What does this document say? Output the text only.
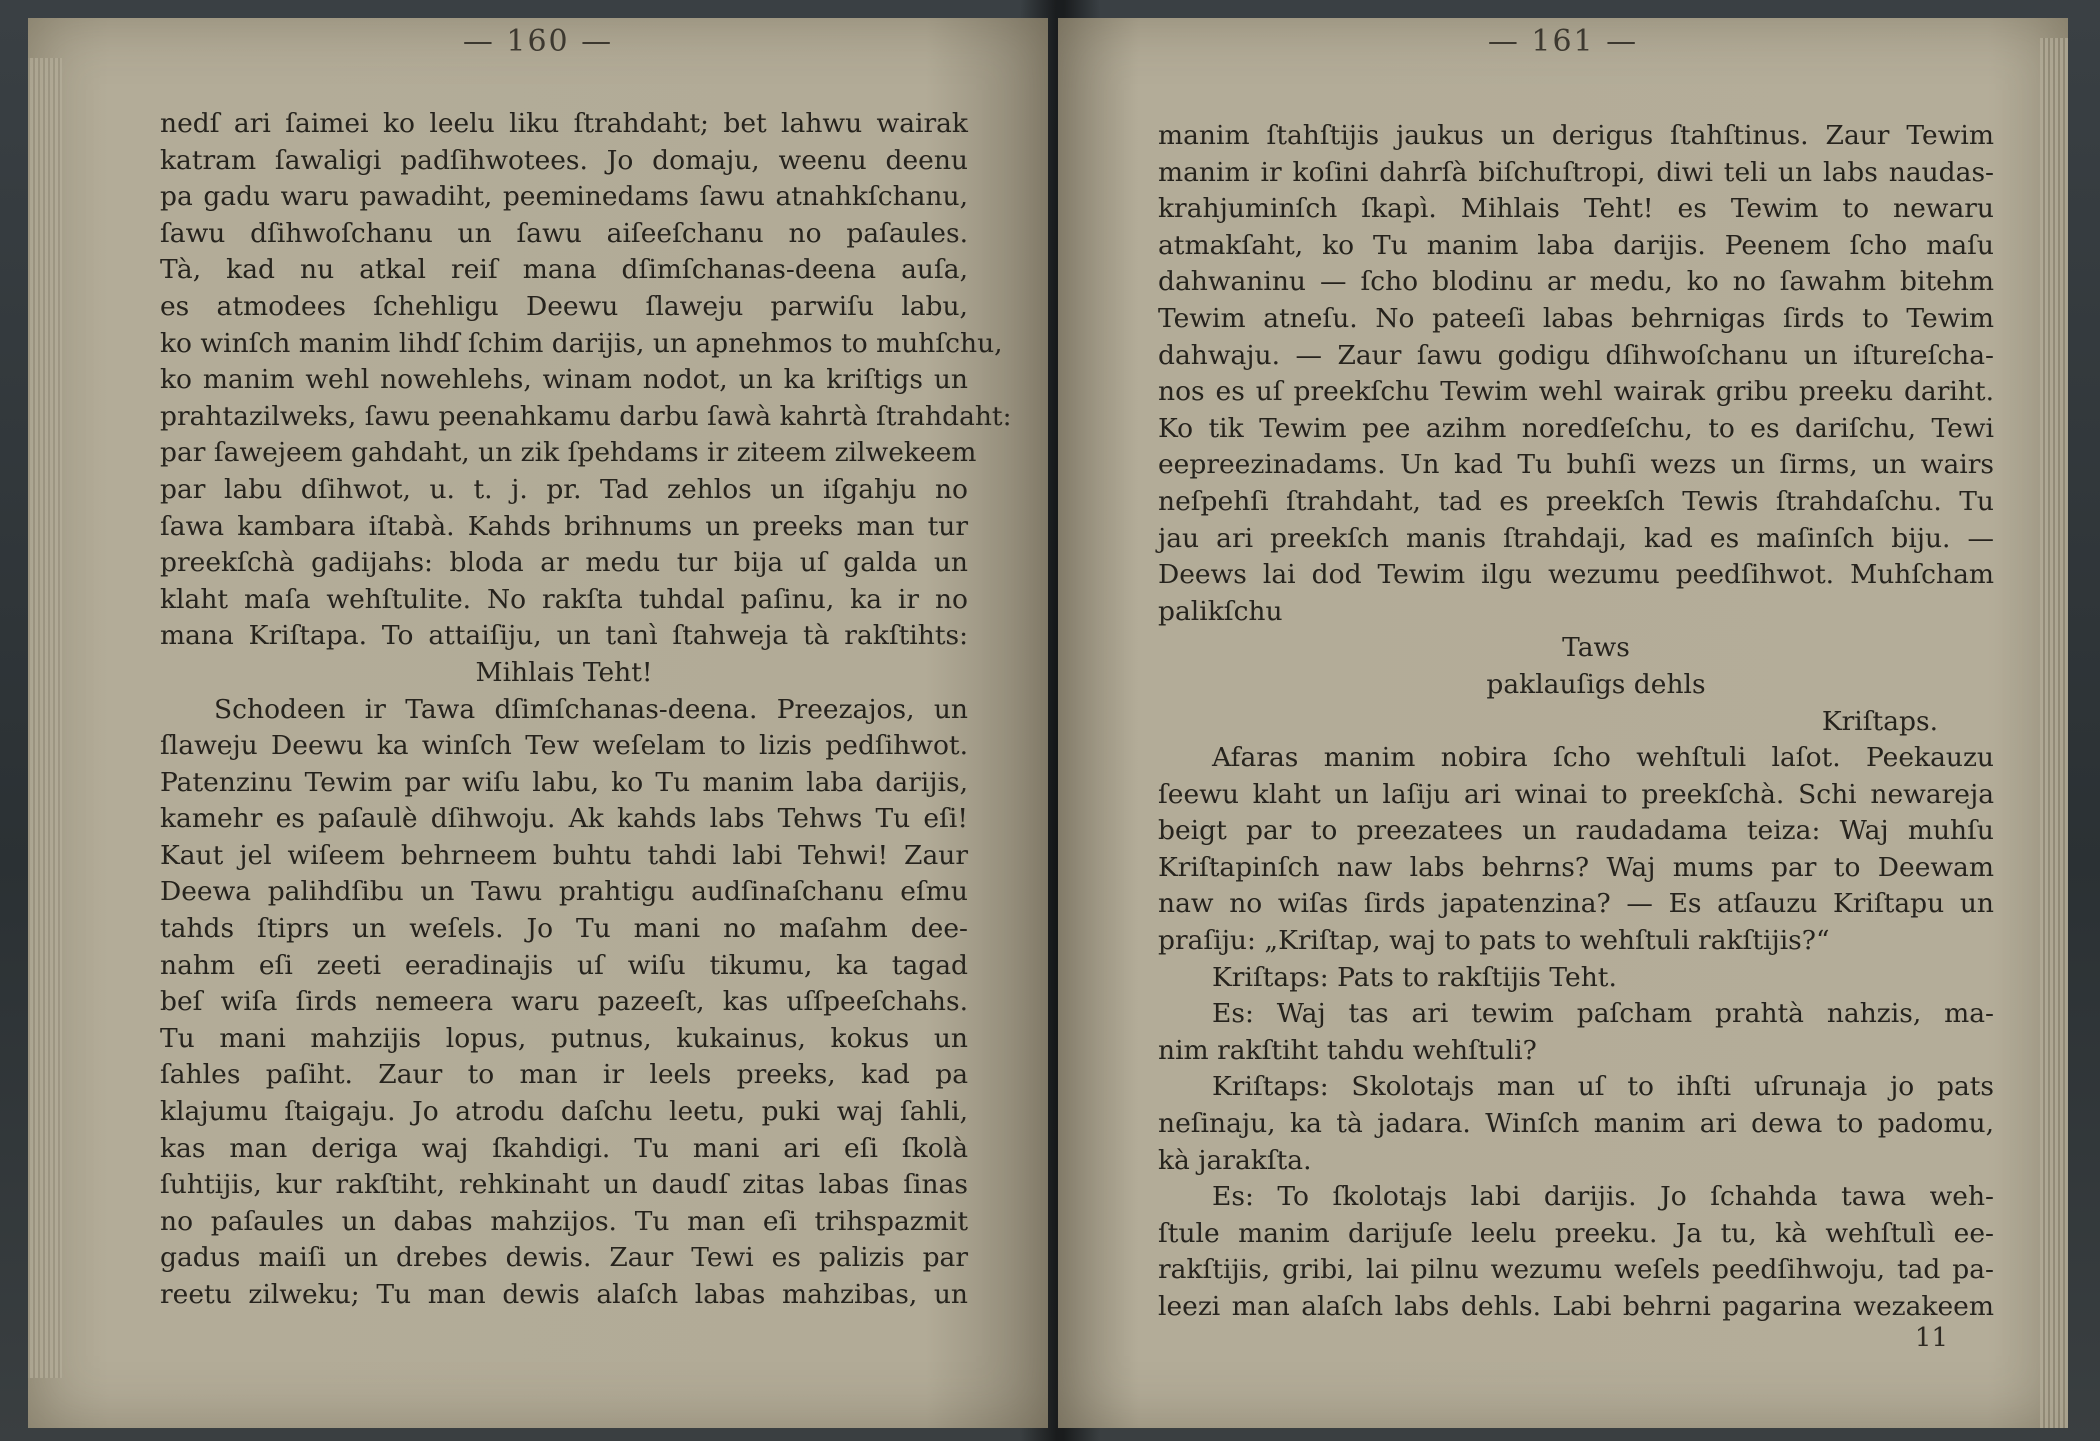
— 160 —
nedſ ari ſaimei ko leelu liku ſtrahdaht; bet lahwu wairak
katram ſawaligi padſihwotees. Jo domaju, weenu deenu
pa gadu waru pawadiht, peeminedams ſawu atnahkſchanu,
ſawu dſihwoſchanu un ſawu aiſeeſchanu no paſaules.
Tà, kad nu atkal reiſ mana dſimſchanas-deena auſa,
es atmodees ſchehligu Deewu ſlaweju parwiſu labu,
ko winſch manim lihdſ ſchim darijis, un apnehmos to muhſchu,
ko manim wehl nowehlehs, winam nodot, un ka kriſtigs un
prahtazilweks, ſawu peenahkamu darbu ſawà kahrtà ſtrahdaht:
par ſawejeem gahdaht, un zik ſpehdams ir ziteem zilwekeem
par labu dſihwot, u. t. j. pr. Tad zehlos un iſgahju no
ſawa kambara iſtabà. Kahds brihnums un preeks man tur
preekſchà gadijahs: bloda ar medu tur bija uſ galda un
klaht maſa wehſtulite. No rakſta tuhdal paſinu, ka ir no
mana Kriſtapa. To attaiſiju, un tanì ſtahweja tà rakſtihts:
Mihlais Teht!
Schodeen ir Tawa dſimſchanas-deena. Preezajos, un
ſlaweju Deewu ka winſch Tew weſelam to lizis pedſihwot.
Patenzinu Tewim par wiſu labu, ko Tu manim laba darijis,
kamehr es paſaulè dſihwoju. Ak kahds labs Tehws Tu eſi!
Kaut jel wiſeem behrneem buhtu tahdi labi Tehwi! Zaur
Deewa palihdſibu un Tawu prahtigu audſinaſchanu eſmu
tahds ſtiprs un weſels. Jo Tu mani no maſahm dee-
nahm eſi zeeti eeradinajis uſ wiſu tikumu, ka tagad
beſ wiſa ſirds nemeera waru pazeeſt, kas uſſpeeſchahs.
Tu mani mahzijis lopus, putnus, kukainus, kokus un
ſahles paſiht. Zaur to man ir leels preeks, kad pa
klajumu ſtaigaju. Jo atrodu daſchu leetu, puki waj ſahli,
kas man deriga waj ſkahdigi. Tu mani ari eſi ſkolà
ſuhtijis, kur rakſtiht, rehkinaht un daudſ zitas labas ſinas
no paſaules un dabas mahzijos. Tu man eſi trihspazmit
gadus maiſi un drebes dewis. Zaur Tewi es palizis par
reetu zilweku; Tu man dewis alaſch labas mahzibas, un
— 161 —
manim ſtahſtijis jaukus un derigus ſtahſtinus. Zaur Tewim
manim ir koſini dahrſà biſchuſtropi, diwi teli un labs naudas-
krahjuminſch ſkapì. Mihlais Teht! es Tewim to newaru
atmakſaht, ko Tu manim laba darijis. Peenem ſcho maſu
dahwaninu — ſcho blodinu ar medu, ko no ſawahm bitehm
Tewim atneſu. No pateeſi labas behrnigas ſirds to Tewim
dahwaju. — Zaur ſawu godigu dſihwoſchanu un iſtureſcha-
nos es uſ preekſchu Tewim wehl wairak gribu preeku dariht.
Ko tik Tewim pee azihm noredſeſchu, to es dariſchu, Tewi
eepreezinadams. Un kad Tu buhſi wezs un ſirms, un wairs
neſpehſi ſtrahdaht, tad es preekſch Tewis ſtrahdaſchu. Tu
jau ari preekſch manis ſtrahdaji, kad es maſinſch biju. —
Deews lai dod Tewim ilgu wezumu peedſihwot. Muhſcham
palikſchu
Taws
paklauſigs dehls
Kriſtaps.
Afaras manim nobira ſcho wehſtuli laſot. Peekauzu
ſeewu klaht un laſiju ari winai to preekſchà. Schi newareja
beigt par to preezatees un raudadama teiza: Waj muhſu
Kriſtapinſch naw labs behrns? Waj mums par to Deewam
naw no wiſas ſirds japatenzina? — Es atſauzu Kriſtapu un
praſiju: „Kriſtap, waj to pats to wehſtuli rakſtijis?“
Kriſtaps: Pats to rakſtijis Teht.
Es: Waj tas ari tewim paſcham prahtà nahzis, ma-
nim rakſtiht tahdu wehſtuli?
Kriſtaps: Skolotajs man uſ to ihſti uſrunaja jo pats
neſinaju, ka tà jadara. Winſch manim ari dewa to padomu,
kà jarakſta.
Es: To ſkolotajs labi darijis. Jo ſchahda tawa weh-
ſtule manim darijuſe leelu preeku. Ja tu, kà wehſtulì ee-
rakſtijis, gribi, lai pilnu wezumu weſels peedſihwoju, tad pa-
leezi man alaſch labs dehls. Labi behrni pagarina wezakeem
11
